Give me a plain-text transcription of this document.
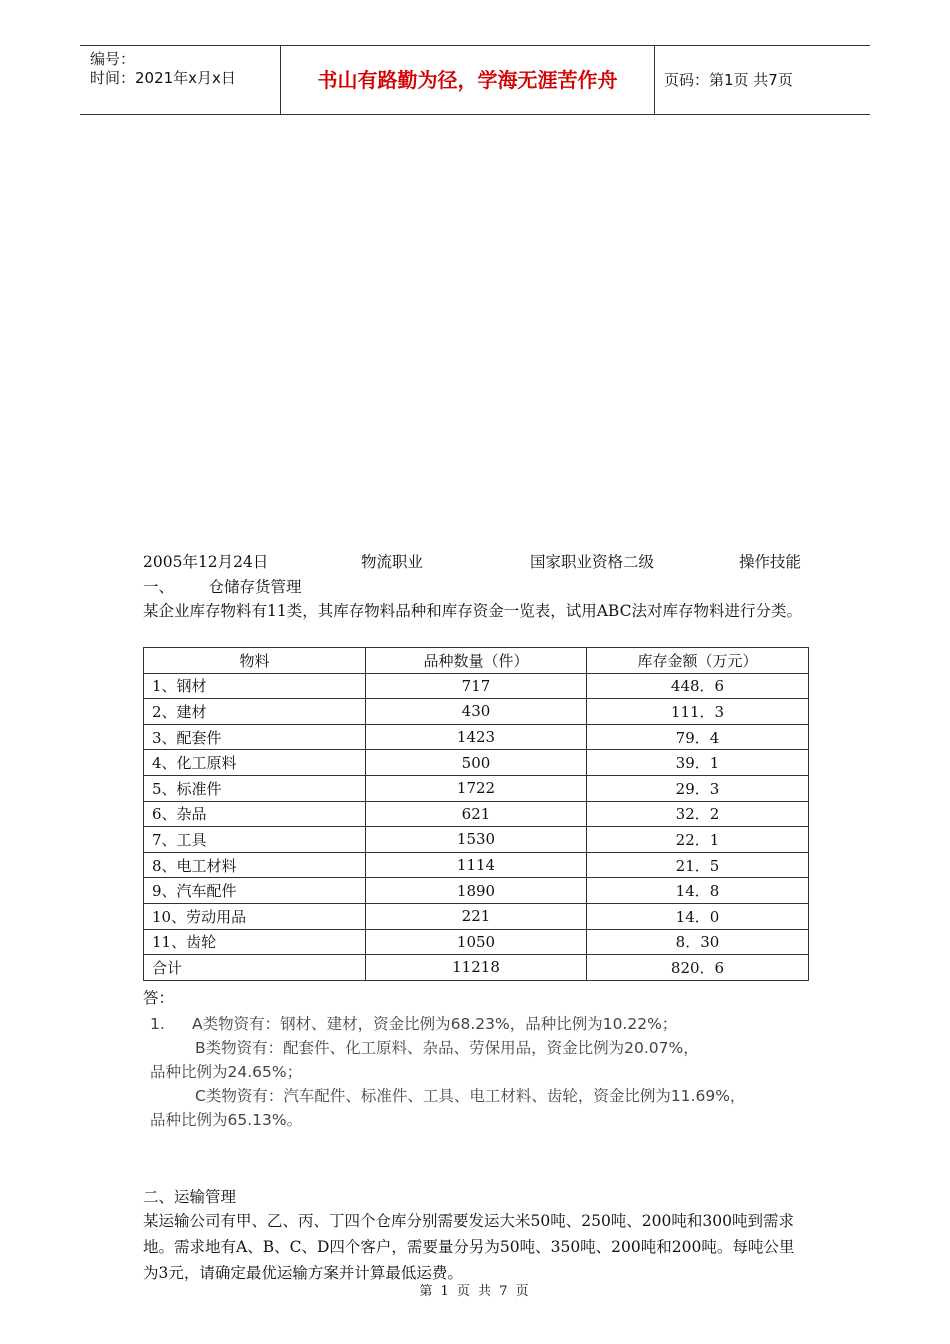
编号：
时间：2021年x月x日	书山有路勤为径，学海无涯苦作舟	页码：第1页 共7页
2005年12月24日	物流职业	国家职业资格二级	操作技能
一、       仓储存货管理
某企业库存物料有11类，其库存物料品种和库存资金一览表，试用ABC法对库存物料进行分类。
物料	品种数量（件）	库存金额（万元）
1、钢材	717	448．6
2、建材	430	111．3
3、配套件	1423	79．4
4、化工原料	500	39．1
5、标准件	1722	29．3
6、杂品	621	32．2
7、工具	1530	22．1
8、电工材料	1114	21．5
9、汽车配件	1890	14．8
10、劳动用品	221	14．0
11、齿轮	1050	8．30
合计	11218	820．6
答：
1. A类物资有：钢材、建材，资金比例为68.23%，品种比例为10.22%；
B类物资有：配套件、化工原料、杂品、劳保用品，资金比例为20.07%，
品种比例为24.65%；
C类物资有：汽车配件、标准件、工具、电工材料、齿轮，资金比例为11.69%，
品种比例为65.13%。
二、运输管理
某运输公司有甲、乙、丙、丁四个仓库分别需要发运大米50吨、250吨、200吨和300吨到需求地。需求地有A、B、C、D四个客户，需要量分另为50吨、350吨、200吨和200吨。每吨公里为3元，请确定最优运输方案并计算最低运费。
第 1 页 共 7 页
